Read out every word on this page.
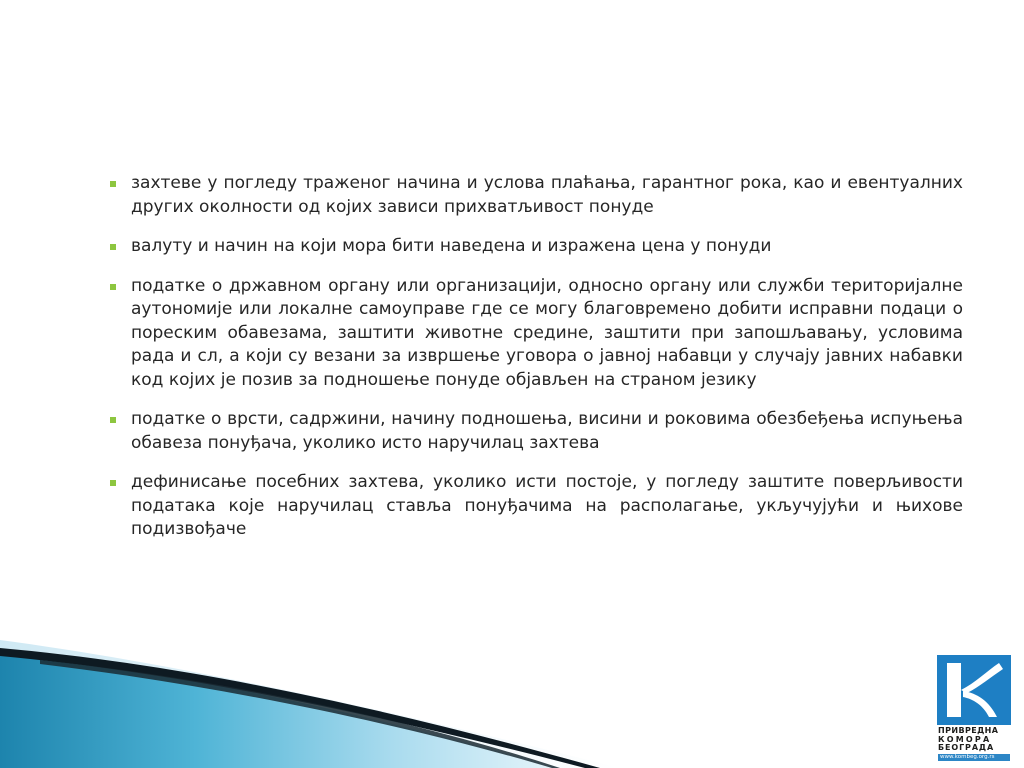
захтеве у погледу траженог начина и услова плаћања, гарантног рока, као и евентуалних других околности од којих зависи прихватљивост понуде
валуту и начин на који мора бити наведена и изражена цена у понуди
податке о државном органу или организацији, односно органу или служби територијалне аутономије или локалне самоуправе где се могу благовремено добити исправни подаци о пореским обавезама, заштити животне средине, заштити при запошљавању, условима рада и сл, а који су везани за извршење уговора о јавној набавци у случају јавних набавки код којих је позив за подношење понуде објављен на страном језику
податке о врсти, садржини, начину подношења, висини и роковима обезбеђења испуњења обавеза понуђача, уколико исто наручилац захтева
дефинисање посебних захтева, уколико исти постоје, у погледу заштите поверљивости података које наручилац ставља понуђачима на располагање, укључујући и њихове подизвођаче
ПРИВРЕДНА
КОМОРА
БЕОГРАДА
www.kombeg.org.rs
